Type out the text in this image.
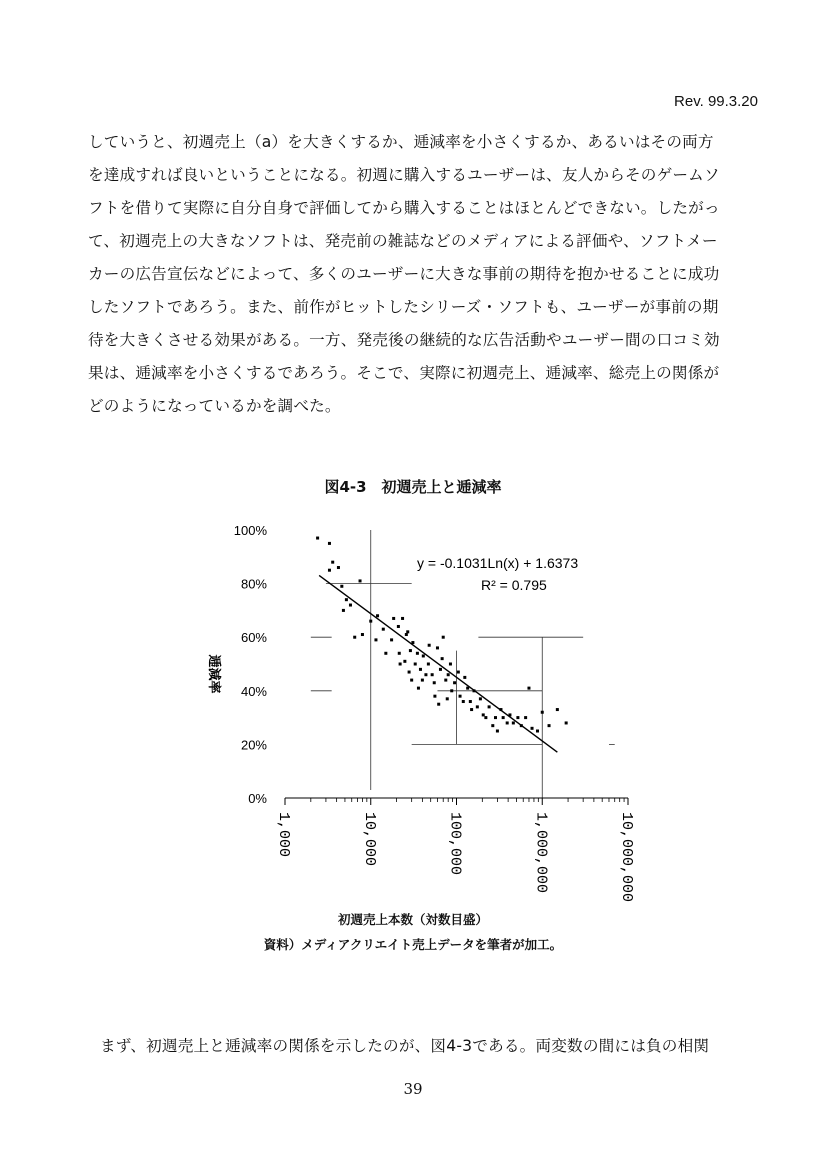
Rev. 99.3.20
していうと、初週売上（a）を大きくするか、逓減率を小さくするか、あるいはその両方
を達成すれば良いということになる。初週に購入するユーザーは、友人からそのゲームソ
フトを借りて実際に自分自身で評価してから購入することはほとんどできない。したがっ
て、初週売上の大きなソフトは、発売前の雑誌などのメディアによる評価や、ソフトメー
カーの広告宣伝などによって、多くのユーザーに大きな事前の期待を抱かせることに成功
したソフトであろう。また、前作がヒットしたシリーズ・ソフトも、ユーザーが事前の期
待を大きくさせる効果がある。一方、発売後の継続的な広告活動やユーザー間の口コミ効
果は、逓減率を小さくするであろう。そこで、実際に初週売上、逓減率、総売上の関係が
どのようになっているかを調べた。
図4-3　初週売上と逓減率
0%
20%
40%
60%
80%
100%
1,000	10,000	100,000	1,000,000	10,000,000
逓減率
y = -0.1031Ln(x) + 1.6373
R² = 0.795
初週売上本数（対数目盛）
資料）メディアクリエイト売上データを筆者が加工。
まず、初週売上と逓減率の関係を示したのが、図4-3である。両変数の間には負の相関
39
